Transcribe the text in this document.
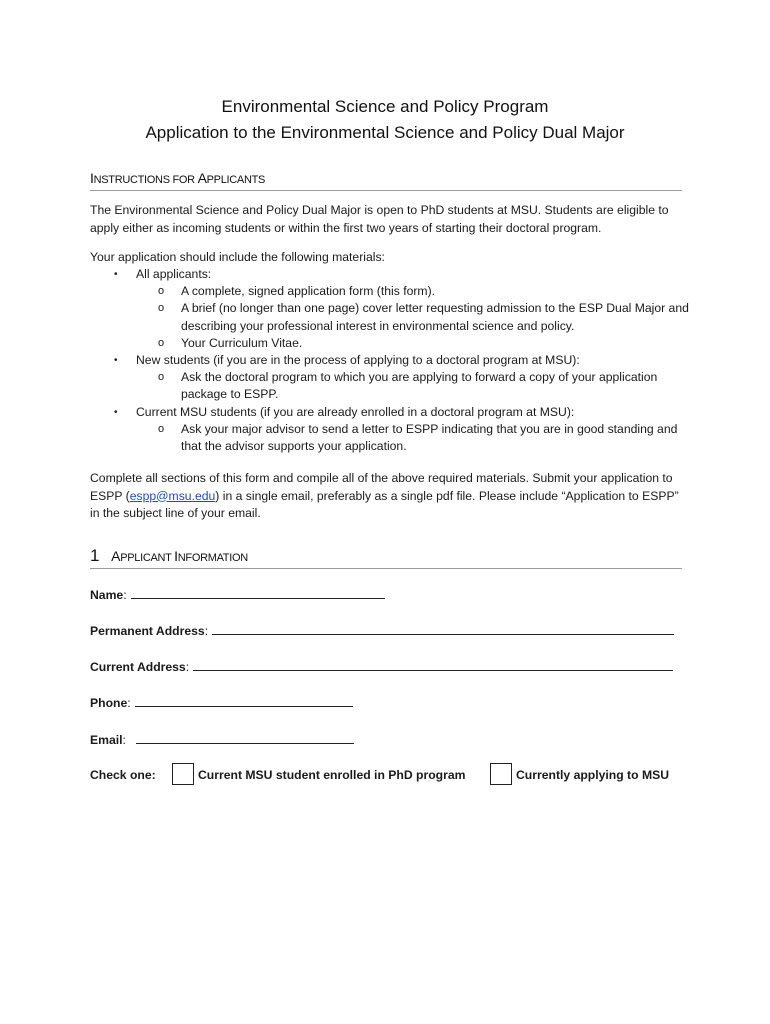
Environmental Science and Policy Program

Application to the Environmental Science and Policy Dual Major

INSTRUCTIONS FOR APPLICANTS

The Environmental Science and Policy Dual Major is open to PhD students at MSU. Students are eligible to apply either as incoming students or within the first two years of starting their doctoral program.

Your application should include the following materials:

• All applicants:
o A complete, signed application form (this form).
o A brief (no longer than one page) cover letter requesting admission to the ESP Dual Major and describing your professional interest in environmental science and policy.
o Your Curriculum Vitae.
• New students (if you are in the process of applying to a doctoral program at MSU):
o Ask the doctoral program to which you are applying to forward a copy of your application package to ESPP.
• Current MSU students (if you are already enrolled in a doctoral program at MSU):
o Ask your major advisor to send a letter to ESPP indicating that you are in good standing and that the advisor supports your application.

Complete all sections of this form and compile all of the above required materials. Submit your application to ESPP (espp@msu.edu) in a single email, preferably as a single pdf file. Please include “Application to ESPP” in the subject line of your email.

1 APPLICANT INFORMATION
Name:
Permanent Address:
Current Address:
Phone:
Email:
Check one:	Current MSU student enrolled in PhD program	Currently applying to MSU
